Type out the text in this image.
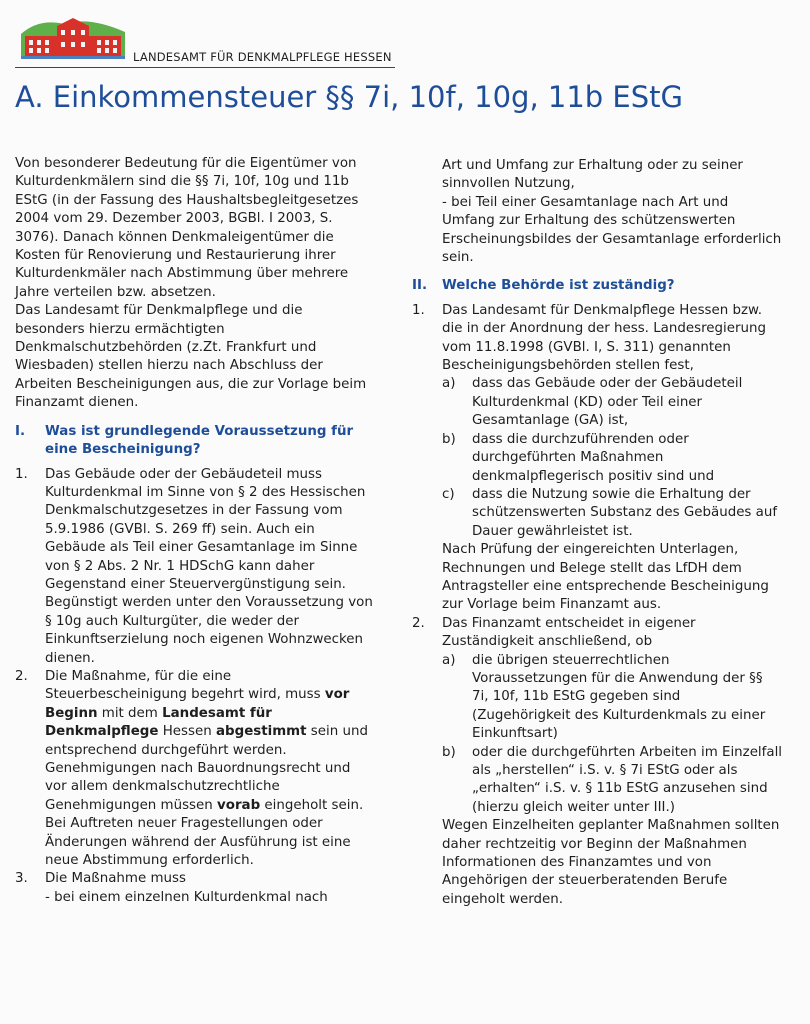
LANDESAMT FÜR DENKMALPFLEGE HESSEN
A. Einkommensteuer §§ 7i, 10f, 10g, 11b EStG

Von besonderer Bedeutung für die Eigentümer von Kulturdenkmälern sind die §§ 7i, 10f, 10g und 11b EStG (in der Fassung des Haushaltsbegleitgesetzes 2004 vom 29. Dezember 2003, BGBl. I 2003, S. 3076). Danach können Denkmaleigentümer die Kosten für Renovierung und Restaurierung ihrer Kulturdenkmäler nach Abstimmung über mehrere Jahre verteilen bzw. absetzen.

Das Landesamt für Denkmalpflege und die besonders hierzu ermächtigten Denkmalschutzbehörden (z.Zt. Frankfurt und Wiesbaden) stellen hierzu nach Abschluss der Arbeiten Bescheinigungen aus, die zur Vorlage beim Finanzamt dienen.

I.	Was ist grundlegende Voraussetzung für eine Bescheinigung?
1.	Das Gebäude oder der Gebäudeteil muss Kulturdenkmal im Sinne von § 2 des Hessischen Denkmalschutzgesetzes in der Fassung vom 5.9.1986 (GVBl. S. 269 ff) sein. Auch ein Gebäude als Teil einer Gesamtanlage im Sinne von § 2 Abs. 2 Nr. 1 HDSchG kann daher Gegenstand einer Steuervergünstigung sein. Begünstigt werden unter den Voraussetzung von § 10g auch Kulturgüter, die weder der Einkunftserzielung noch eigenen Wohnzwecken dienen.

2.	Die Maßnahme, für die eine Steuerbescheinigung begehrt wird, muss vor Beginn mit dem Landesamt für Denkmalpflege Hessen abgestimmt sein und entsprechend durchgeführt werden.

Genehmigungen nach Bauordnungsrecht und vor allem denkmalschutzrechtliche Genehmigungen müssen vorab eingeholt sein.

Bei Auftreten neuer Fragestellungen oder Änderungen während der Ausführung ist eine neue Abstimmung erforderlich.

3.	Die Maßnahme muss

- bei einem einzelnen Kulturdenkmal nach

Art und Umfang zur Erhaltung oder zu seiner sinnvollen Nutzung,

- bei Teil einer Gesamtanlage nach Art und Umfang zur Erhaltung des schützenswerten Erscheinungsbildes der Gesamtanlage erforderlich sein.

II.	Welche Behörde ist zuständig?
1.	Das Landesamt für Denkmalpflege Hessen bzw. die in der Anordnung der hess. Landesregierung vom 11.8.1998 (GVBl. I, S. 311) genannten Bescheinigungsbehörden stellen fest,

a)	dass das Gebäude oder der Gebäudeteil Kulturdenkmal (KD) oder Teil einer Gesamtanlage (GA) ist,

b)	dass die durchzuführenden oder durchgeführten Maßnahmen denkmalpflegerisch positiv sind und

c)	dass die Nutzung sowie die Erhaltung der schützenswerten Substanz des Gebäudes auf Dauer gewährleistet ist.

Nach Prüfung der eingereichten Unterlagen, Rechnungen und Belege stellt das LfDH dem Antragsteller eine entsprechende Bescheinigung zur Vorlage beim Finanzamt aus.

2.	Das Finanzamt entscheidet in eigener Zuständigkeit anschließend, ob

a)	die übrigen steuerrechtlichen Voraussetzungen für die Anwendung der §§ 7i, 10f, 11b EStG gegeben sind (Zugehörigkeit des Kulturdenkmals zu einer Einkunftsart)

b)	oder die durchgeführten Arbeiten im Einzelfall als „herstellen“ i.S. v. § 7i EStG oder als „erhalten“ i.S. v. § 11b EStG anzusehen sind (hierzu gleich weiter unter III.)

Wegen Einzelheiten geplanter Maßnahmen sollten daher rechtzeitig vor Beginn der Maßnahmen Informationen des Finanzamtes und von Angehörigen der steuerberatenden Berufe eingeholt werden.
